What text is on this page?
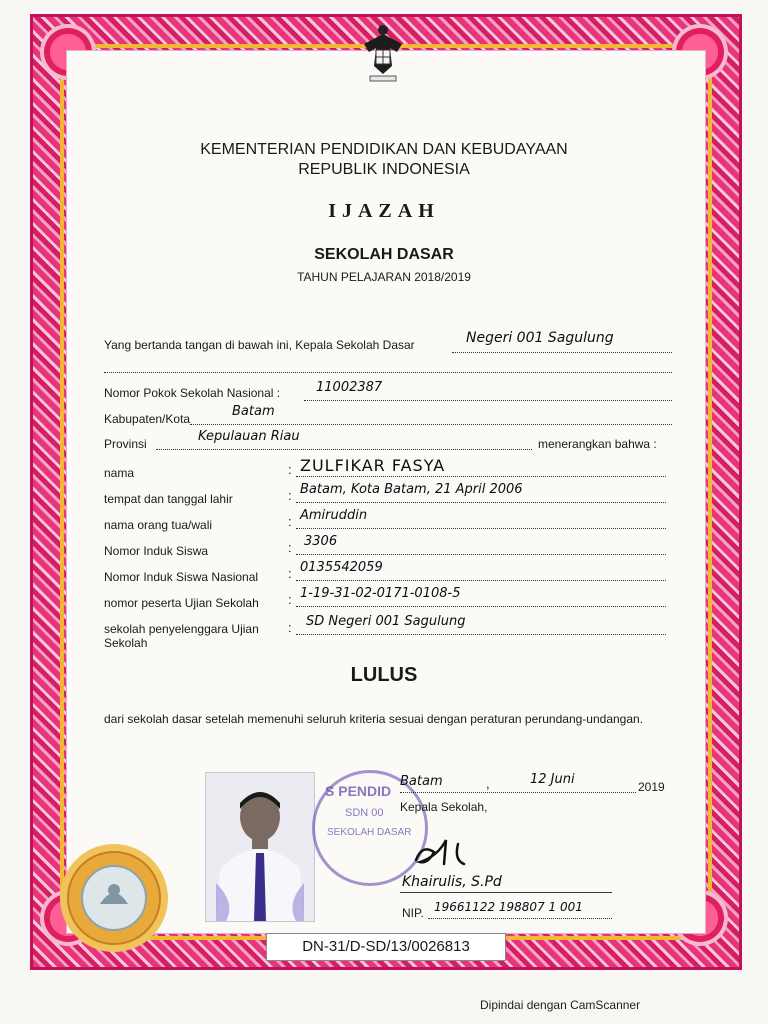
KEMENTERIAN PENDIDIKAN DAN KEBUDAYAAN
REPUBLIK INDONESIA
IJAZAH
SEKOLAH DASAR
TAHUN PELAJARAN 2018/2019
Yang bertanda tangan di bawah ini, Kepala Sekolah Dasar	Negeri 001 Sagulung
Nomor Pokok Sekolah Nasional :	11002387
Kabupaten/Kota	Batam
Provinsi	Kepulauan Riau	menerangkan bahwa :
nama	: ZULFIKAR FASYA
tempat dan tanggal lahir	: Batam, Kota Batam, 21 April 2006
nama orang tua/wali	: Amiruddin
Nomor Induk Siswa	: 3306
Nomor Induk Siswa Nasional : 0135542059
nomor peserta Ujian Sekolah : 1-19-31-02-0171-0108-5
sekolah penyelenggara Ujian
Sekolah
: SD Negeri 001 Sagulung
LULUS
dari sekolah dasar setelah memenuhi seluruh kriteria sesuai dengan peraturan perundang-undangan.
S PENDID
SDN 00
SEKOLAH DASAR
Batam	,	12 Juni	2019
Kepala Sekolah,
Khairulis, S.Pd
NIP. 19661122 198807 1 001
DN-31/D-SD/13/0026813
Dipindai dengan CamScanner
